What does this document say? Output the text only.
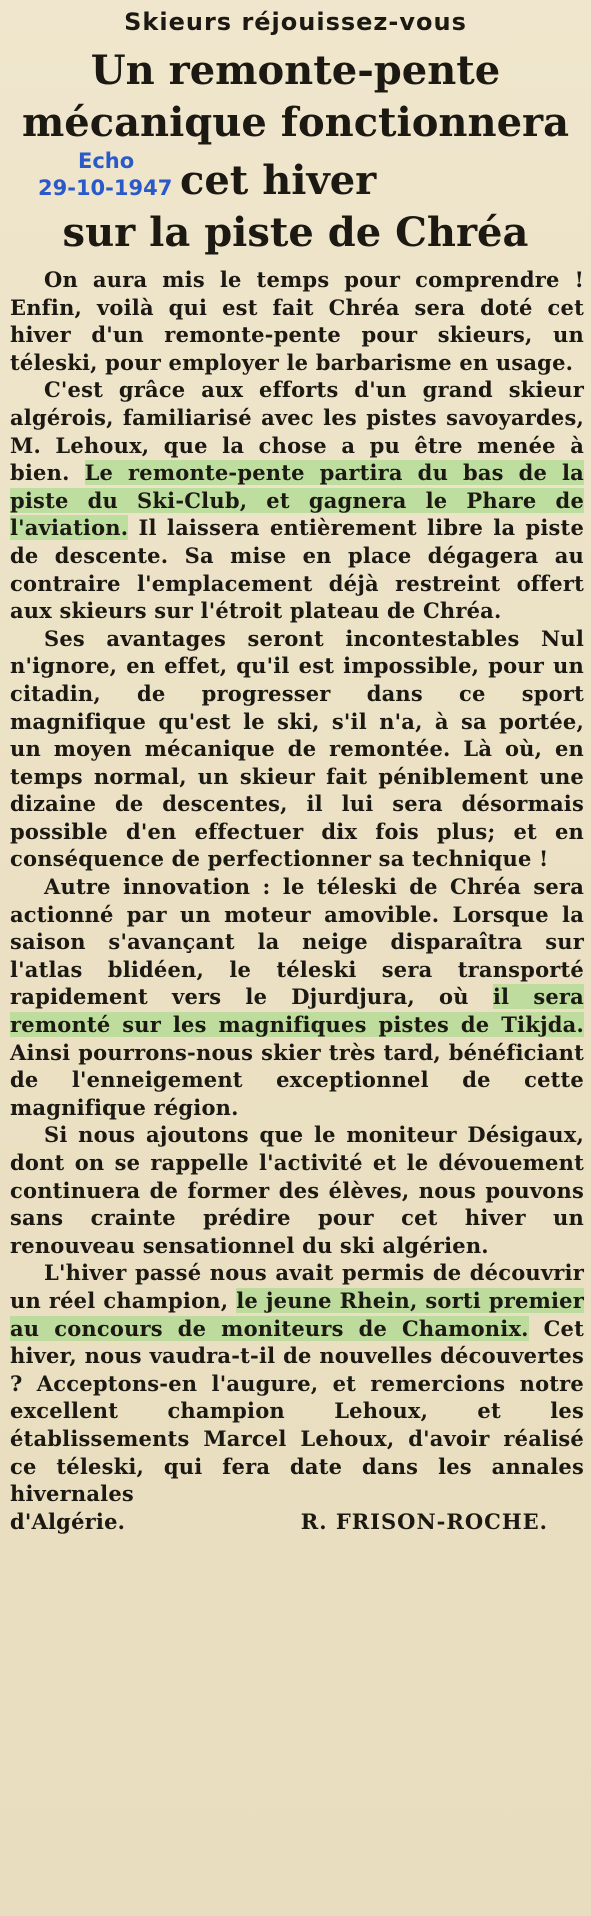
Skieurs réjouissez-vous
Un remonte-pente
mécanique fonctionnera
Echo
29-10-1947 cet hiver
sur la piste de Chréa

On aura mis le temps pour comprendre ! Enfin, voilà qui est fait Chréa sera doté cet hiver d'un remonte-pente pour skieurs, un téleski, pour employer le barbarisme en usage.

C'est grâce aux efforts d'un grand skieur algérois, familiarisé avec les pistes savoyardes, M. Lehoux, que la chose a pu être menée à bien. Le remonte-pente partira du bas de la piste du Ski-Club, et gagnera le Phare de l'aviation. Il laissera entièrement libre la piste de descente. Sa mise en place dégagera au contraire l'emplacement déjà restreint offert aux skieurs sur l'étroit plateau de Chréa.

Ses avantages seront incontestables Nul n'ignore, en effet, qu'il est impossible, pour un citadin, de progresser dans ce sport magnifique qu'est le ski, s'il n'a, à sa portée, un moyen mécanique de remontée. Là où, en temps normal, un skieur fait péniblement une dizaine de descentes, il lui sera désormais possible d'en effectuer dix fois plus; et en conséquence de perfectionner sa technique !

Autre innovation : le téleski de Chréa sera actionné par un moteur amovible. Lorsque la saison s'avançant la neige disparaîtra sur l'atlas blidéen, le téleski sera transporté rapidement vers le Djurdjura, où il sera remonté sur les magnifiques pistes de Tikjda. Ainsi pourrons-nous skier très tard, bénéficiant de l'enneigement exceptionnel de cette magnifique région.

Si nous ajoutons que le moniteur Désigaux, dont on se rappelle l'activité et le dévouement continuera de former des élèves, nous pouvons sans crainte prédire pour cet hiver un renouveau sensationnel du ski algérien.

L'hiver passé nous avait permis de découvrir un réel champion, le jeune Rhein, sorti premier au concours de moniteurs de Chamonix. Cet hiver, nous vaudra-t-il de nouvelles découvertes ? Acceptons-en l'augure, et remercions notre excellent champion Lehoux, et les établissements Marcel Lehoux, d'avoir réalisé ce téleski, qui fera date dans les annales hivernales

d'Algérie.	R. FRISON-ROCHE.
